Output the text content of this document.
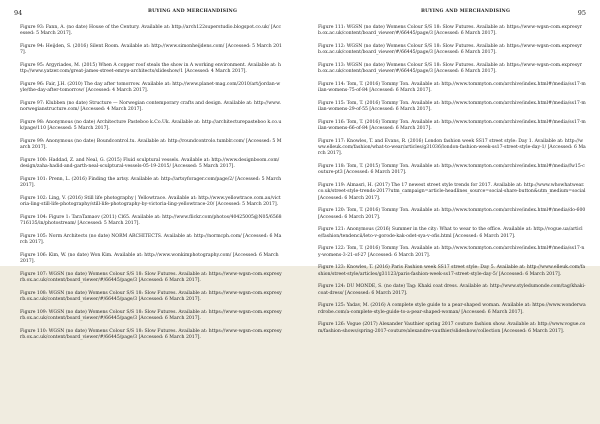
94	BUYING AND MERCHANDISING
Figure 93: Fann, A. (no date) House of the Century. Available at: http://arch122superstudio.blogspot.co.uk/ [Accessed: 5 March 2017].
Figure 94: Heijden, S. (2016) Silent Room. Available at: http://www.simonheijdens.com/ [Accessed: 5 March 2017].
Figure 95: Argyriades, M. (2015) When A copper roof steals the show in A working environment. Available at: http://www.yatzer.com/great-james-street-emrys-architects/slideshow/1 [Accessed: 4 March 2017].
Figure 96: Fair, J.H. (2010) The day after tomorrow. Available at: http://www.planet-mag.com/2010/art/jordan-wyle/the-day-after-tomorrow/ [Accessed: 4 March 2017].
Figure 97: Klubben (no date) Structure — Norwegian contemporary crafts and design. Available at: http://www.norwegianstructure.com/ [Accessed: 4 March 2017].
Figure 98: Anonymous (no date) Architecture Pasteboo k.Co.Uk. Available at: http://architecturepasteboo k.co.uk/page/110 [Accessed: 5 March 2017].
Figure 99: Anonymous (no date) Boundcontrol.tu. Available at: http://roundcontrolo.tumblr.com/ [Accessed: 5 March 2017].
Figure 100: Haddad, Z. and Neal, G. (2015) Fluid sculptural vessels. Available at: http://www.designboom.com/design/zaha-hadid-and-garth-neal-sculptural-vessels-05-19-2015/ [Accessed: 5 March 2017].
Figure 101: Prenn, L. (2016) Finding the artsy. Available at: http://artsyforager.com/page/2/ [Accessed: 5 March 2017].
Figure 102: Ling, V. (2016) Still life photography | Yellowtrace. Available at: http://www.yellowtrace.com.au/victoria-ling-still-life-photography/still-life-photography-by-victoria-ling-yellowtrace-20/ [Accessed: 5 March 2017].
Figure 104: Figure 1: TaraTamaov (2011) Cl65. Available at: http://www.flickr.com/photos/40425005@N05/6568716135/in/photostream/ [Accessed: 5 March 2017].
Figure 105: Norm Architects (no date) NORM ARCHITECTS. Available at: http://normcph.com/ [Accessed: 6 March 2017].
Figure 106: Kim, W. (no date) Won Kim. Available at: http://www.wonkimphotography.com/ [Accessed: 6 March 2017].
Figure 107: WGSN (no date) Womens Colour S/S 18: Slow Futures. Available at: https://www-wgsn-com.expresyrb.ox.ac.uk/content/board_viewer/#/66445/page/3 [Accessed: 6 March 2017].
Figure 108: WGSN (no date) Womens Colour S/S 18: Slow Futures. Available at: https://www-wgsn-com.expresyrb.ox.ac.uk/content/board_viewer/#/66445/page/3 [Accessed: 6 March 2017].
Figure 109: WGSN (no date) Womens Colour S/S 18: Slow Futures. Available at: https://www-wgsn-com.expresyrb.ox.ac.uk/content/board_viewer/#/66445/page/3 [Accessed: 6 March 2017].
Figure 110: WGSN (no date) Womens Colour S/S 18: Slow Futures. Available at: https://www-wgsn-com.expresyrb.ox.ac.uk/content/board_viewer/#/66445/page/3 [Accessed: 6 March 2017].
BUYING AND MERCHANDISING	95
Figure 111: WGSN (no date) Womens Colour S/S 18: Slow Futures. Available at: https://www-wgsn-com.expresyrb.ox.ac.uk/content/board_viewer/#/66445/page/3 [Accessed: 6 March 2017].
Figure 112: WGSN (no date) Womens Colour S/S 18: Slow Futures. Available at: https://www-wgsn-com.expresyrb.ox.ac.uk/content/board_viewer/#/66445/page/3 [Accessed: 6 March 2017].
Figure 113: WGSN (no date) Womens Colour S/S 18: Slow Futures. Available at: https://www-wgsn-com.expresyrb.ox.ac.uk/content/board_viewer/#/66445/page/3 [Accessed: 6 March 2017].
Figure 114: Tom, T. (2016) Tommy Ton. Available at: http://www.tommyton.com/archive/index.html#/media/ss17-milan-womens-75-of-84 [Accessed: 6 March 2017].
Figure 115: Tom, T. (2016) Tommy Ton. Available at: http://www.tommyton.com/archive/index.html#/media/ss17-milan-womens-29-of-55 [Accessed: 6 March 2017].
Figure 116: Tom, T. (2016) Tommy Ton. Available at: http://www.tommyton.com/archive/index.html#/media/ss17-milan-womens-66-of-84 [Accessed: 6 March 2017].
Figure 117: Knowles, T. and Evans, R. (2016) London fashion week SS17 street style: Day 1. Available at: http://www.elleuk.com/fashion/what-to-wear/articles/g31036/london-fashion-week-ss17-street-style-day-1/ [Accessed: 6 March 2017].
Figure 118: Tom, T. (2015) Tommy Ton. Available at: http://www.tommyton.com/archive/index.html#/media/fw15-couture-pt3 [Accessed: 6 March 2017].
Figure 119: Almasri, H. (2017) The 17 newest street style trends for 2017. Available at: http://www.whowhatwear.co.uk/street-style-trends-2017?utm_campaign=article-headlines_source=social-share-button&utm_medium=social [Accessed: 6 March 2017].
Figure 120: Tom, T. (2016) Tommy Ton. Available at: http://www.tommyton.com/archive/index.html#/media/do-600 [Accessed: 6 March 2017].
Figure 121: Anonymous (2016) Summer in the city: What to wear to the office. Available at: http://vogue.ua/article/fashion/tendencii/leto-v-gorode-kak-odet-sya-v-ofis.html [Accessed: 6 March 2017].
Figure 122: Tom, T. (2016) Tommy Ton. Available at: http://www.tommyton.com/archive/index.html#/media/ss17-ny-womens-3-21-of-27 [Accessed: 6 March 2017].
Figure 123: Knowles, T. (2016) Paris Fashion week SS17 street style: Day 5. Available at: http://www.elleuk.com/fashion/street-style/articles/g31123/paris-fashion-week-ss17-street-style-day-5/ [Accessed: 6 March 2017].
Figure 124: DU MONDE, S. (no date) Tag: Khaki coat dress. Available at: http://www.styledumonde.com/tag/khaki-coat-dress/ [Accessed: 6 March 2017].
Figure 125: Yadav, M. (2016) A complete style guide to a pear-shaped woman. Available at: https://www.wonderwardrobe.com/a-complete-style-guide-to-a-pear-shaped-woman/ [Accessed: 6 March 2017].
Figure 126: Vogue (2017) Alexander Vauthier spring 2017 couture fashion show. Available at: http://www.vogue.com/fashion-shows/spring-2017-couture/alexandre-vauthier/slideshow/collection [Accessed: 6 March 2017].
